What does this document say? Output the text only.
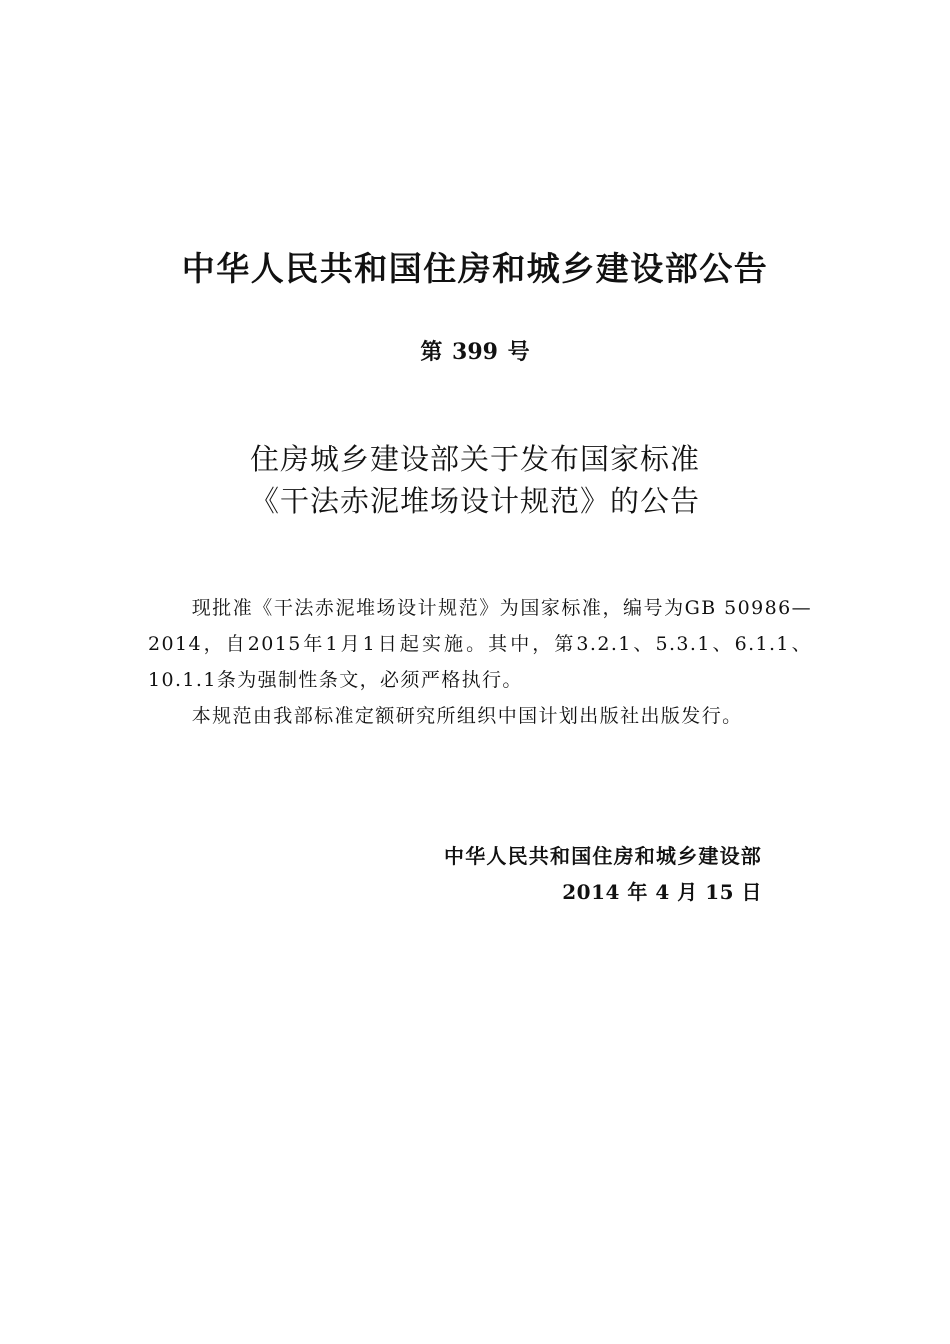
中华人民共和国住房和城乡建设部公告
第 399 号
住房城乡建设部关于发布国家标准
《干法赤泥堆场设计规范》的公告

现批准《干法赤泥堆场设计规范》为国家标准，编号为GB 50986—2014，自2015年1月1日起实施。其中，第3.2.1、5.3.1、6.1.1、10.1.1条为强制性条文，必须严格执行。

本规范由我部标准定额研究所组织中国计划出版社出版发行。

中华人民共和国住房和城乡建设部
2014 年 4 月 15 日
